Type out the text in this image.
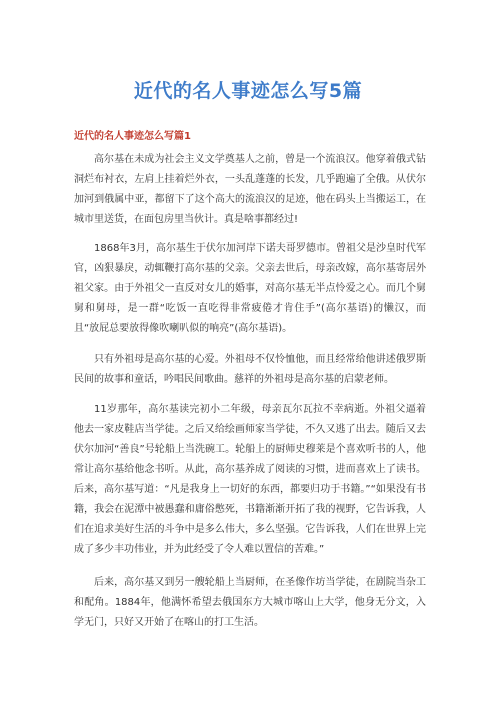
近代的名人事迹怎么写5篇
近代的名人事迹怎么写篇1

高尔基在未成为社会主义文学奠基人之前，曾是一个流浪汉。他穿着俄式钻洞烂布衬衣，左肩上挂着烂外衣，一头乱蓬蓬的长发，几乎跑遍了全俄。从伏尔加河到俄属中亚，都留下了这个高大的流浪汉的足迹，他在码头上当搬运工，在城市里送货，在面包房里当伙计。真是啥事都经过!

1868年3月，高尔基生于伏尔加河岸下诺夫哥罗德市。曾祖父是沙皇时代军官，凶狠暴戾，动辄鞭打高尔基的父亲。父亲去世后，母亲改嫁，高尔基寄居外祖父家。由于外祖父一直反对女儿的婚事，对高尔基无半点怜爱之心。而几个舅舅和舅母，是一群“吃饭一直吃得非常疲倦才肯住手”(高尔基语)的懒汉，而且“放屁总要放得像吹喇叭似的响亮”(高尔基语)。

只有外祖母是高尔基的心爱。外祖母不仅怜恤他，而且经常给他讲述俄罗斯民间的故事和童话，吟唱民间歌曲。慈祥的外祖母是高尔基的启蒙老师。

11岁那年，高尔基读完初小二年级，母亲瓦尔瓦拉不幸病逝。外祖父逼着他去一家皮鞋店当学徒。之后又给绘画师家当学徒，不久又逃了出去。随后又去伏尔加河“善良”号轮船上当洗碗工。轮船上的厨师史穆莱是个喜欢听书的人，他常让高尔基给他念书听。从此，高尔基养成了阅读的习惯，进而喜欢上了读书。后来，高尔基写道：“凡是我身上一切好的东西，都要归功于书籍。”“如果没有书籍，我会在泥潭中被愚蠢和庸俗憋死，书籍渐渐开拓了我的视野，它告诉我，人们在追求美好生活的斗争中是多么伟大，多么坚强。它告诉我，人们在世界上完成了多少丰功伟业，并为此经受了令人难以置信的苦难。”

后来，高尔基又到另一艘轮船上当厨师，在圣像作坊当学徒，在剧院当杂工和配角。1884年，他满怀希望去俄国东方大城市喀山上大学，他身无分文，入学无门，只好又开始了在喀山的打工生活。
